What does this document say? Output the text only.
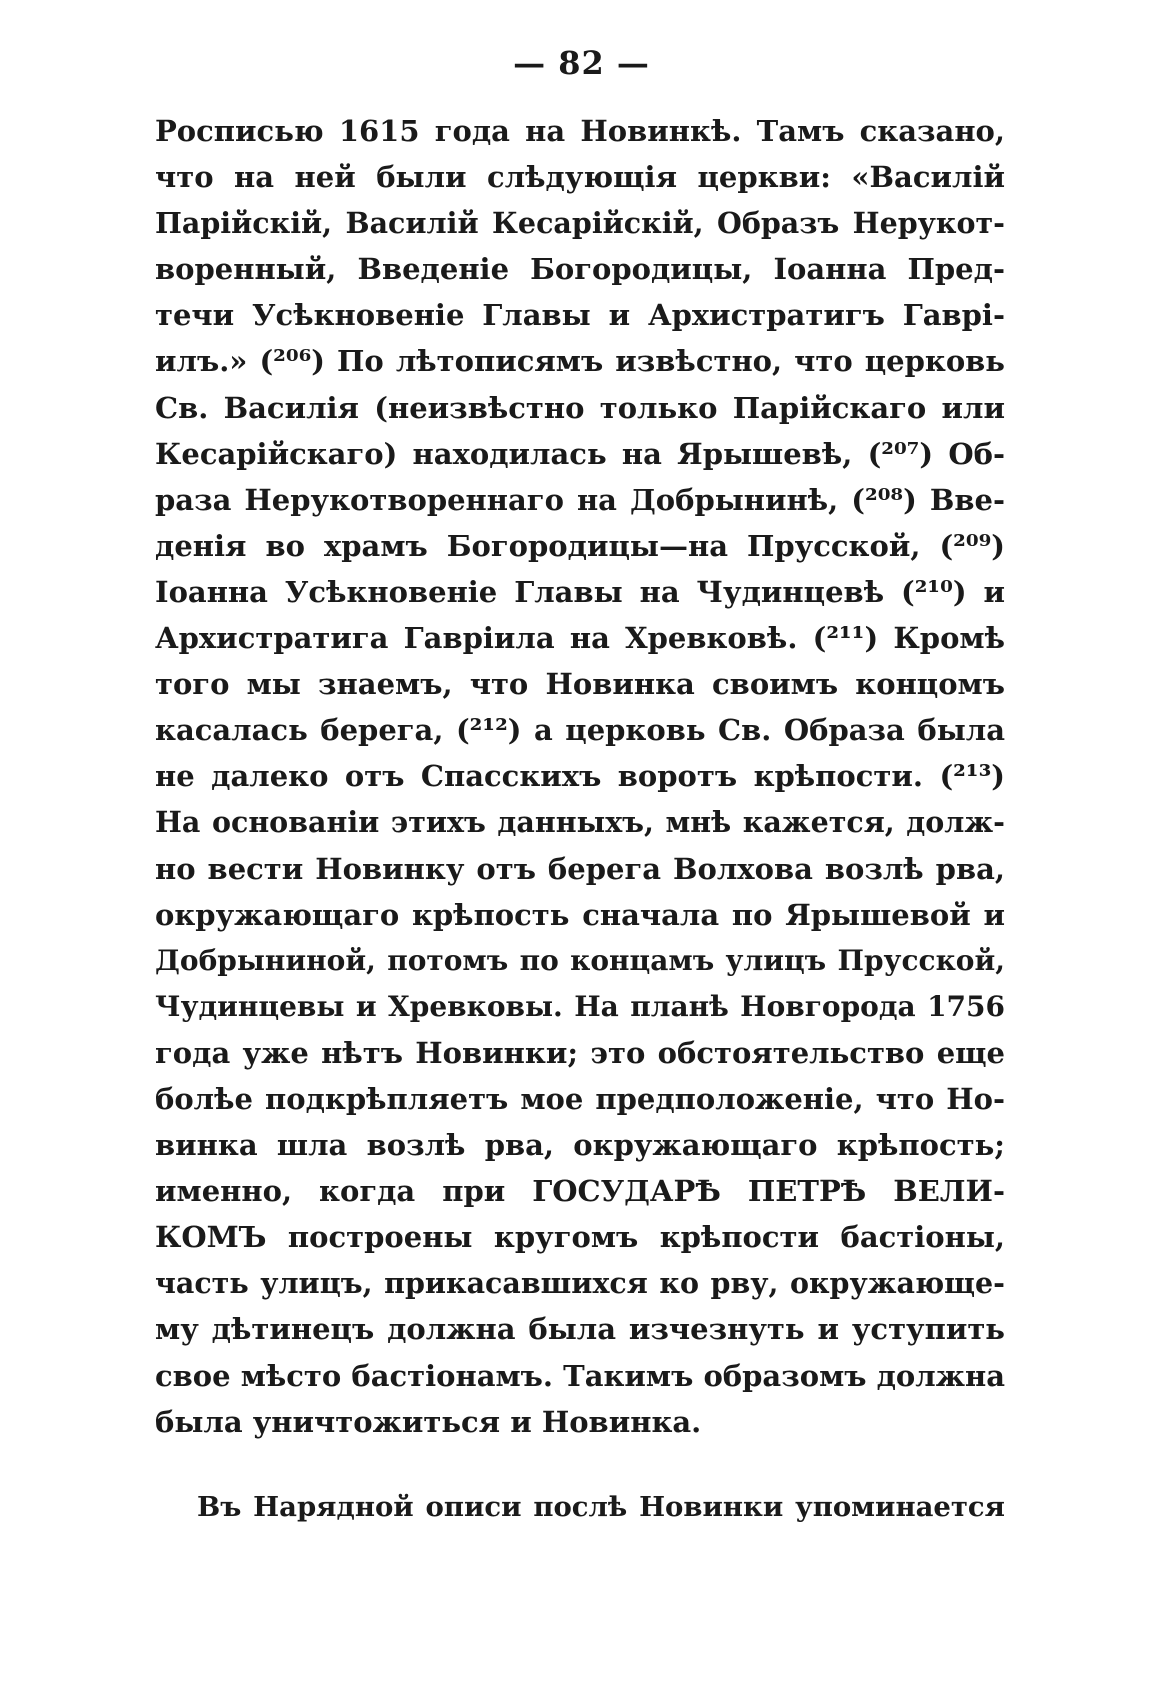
— 82 —
Росписью 1615 года на Новинкѣ. Тамъ сказано,
что на ней были слѣдующія церкви: «Василій
Парійскій, Василій Кесарійскій, Образъ Нерукот-
воренный, Введеніе Богородицы, Іоанна Пред-
течи Усѣкновеніе Главы и Архистратигъ Гаврі-
илъ.» (²⁰⁶) По лѣтописямъ извѣстно, что церковь
Св. Василія (неизвѣстно только Парійскаго или
Кесарійскаго) находилась на Ярышевѣ, (²⁰⁷) Об-
раза Нерукотвореннаго на Добрынинѣ, (²⁰⁸) Вве-
денія во храмъ Богородицы—на Прусской, (²⁰⁹)
Іоанна Усѣкновеніе Главы на Чудинцевѣ (²¹⁰) и
Архистратига Гавріила на Хревковѣ. (²¹¹) Кромѣ
того мы знаемъ, что Новинка своимъ концомъ
касалась берега, (²¹²) а церковь Св. Образа была
не далеко отъ Спасскихъ воротъ крѣпости. (²¹³)
На основаніи этихъ данныхъ, мнѣ кажется, долж-
но вести Новинку отъ берега Волхова возлѣ рва,
окружающаго крѣпость сначала по Ярышевой и
Добрыниной, потомъ по концамъ улицъ Прусской,
Чудинцевы и Хревковы. На планѣ Новгорода 1756
года уже нѣтъ Новинки; это обстоятельство еще
болѣе подкрѣпляетъ мое предположеніе, что Но-
винка шла возлѣ рва, окружающаго крѣпость;
именно, когда при ГОСУДАРѢ ПЕТРѢ ВЕЛИ-
КОМЪ построены кругомъ крѣпости бастіоны,
часть улицъ, прикасавшихся ко рву, окружающе-
му дѣтинецъ должна была изчезнуть и уступить
свое мѣсто бастіонамъ. Такимъ образомъ должна
была уничтожиться и Новинка.
Въ Нарядной описи послѣ Новинки упоминается
